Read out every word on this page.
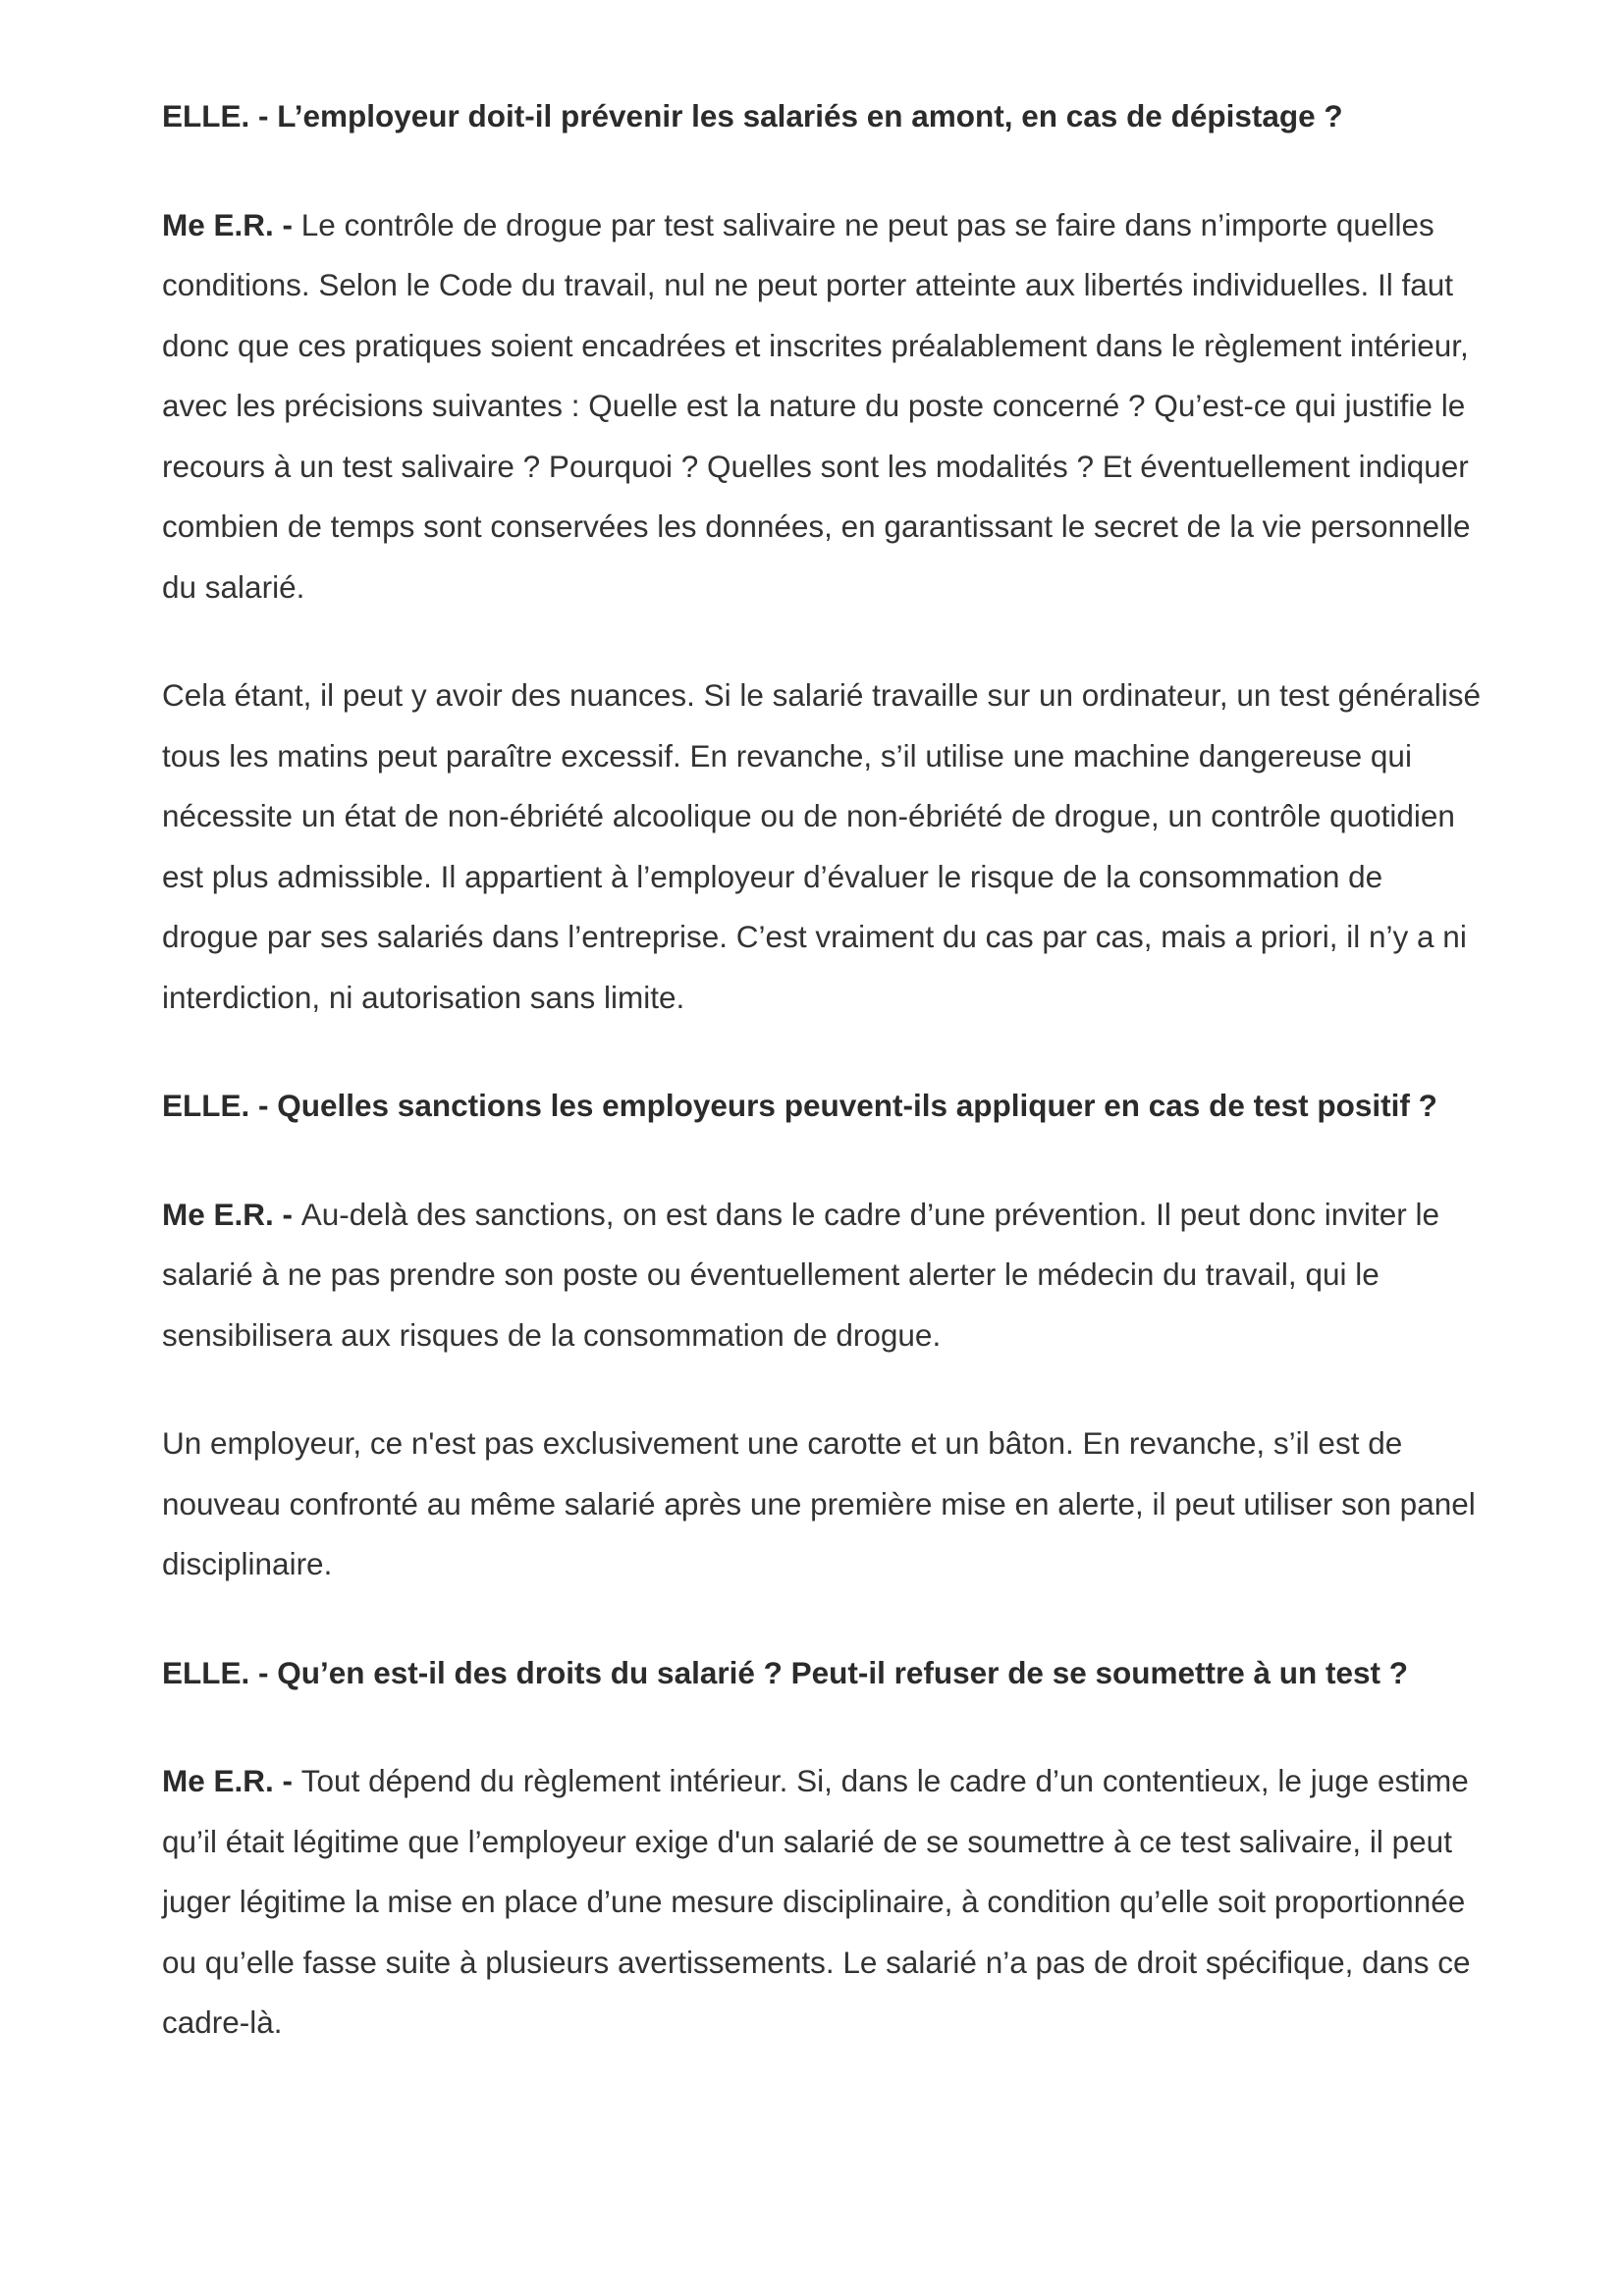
ELLE. - L’employeur doit-il prévenir les salariés en amont, en cas de dépistage ?

Me E.R. - Le contrôle de drogue par test salivaire ne peut pas se faire dans n’importe quelles conditions. Selon le Code du travail, nul ne peut porter atteinte aux libertés individuelles. Il faut donc que ces pratiques soient encadrées et inscrites préalablement dans le règlement intérieur, avec les précisions suivantes : Quelle est la nature du poste concerné ? Qu’est-ce qui justifie le recours à un test salivaire ? Pourquoi ? Quelles sont les modalités ? Et éventuellement indiquer combien de temps sont conservées les données, en garantissant le secret de la vie personnelle du salarié.

Cela étant, il peut y avoir des nuances. Si le salarié travaille sur un ordinateur, un test généralisé tous les matins peut paraître excessif. En revanche, s’il utilise une machine dangereuse qui nécessite un état de non-ébriété alcoolique ou de non-ébriété de drogue, un contrôle quotidien est plus admissible. Il appartient à l’employeur d’évaluer le risque de la consommation de drogue par ses salariés dans l’entreprise. C’est vraiment du cas par cas, mais a priori, il n’y a ni interdiction, ni autorisation sans limite.

ELLE. - Quelles sanctions les employeurs peuvent-ils appliquer en cas de test positif ?

Me E.R. - Au-delà des sanctions, on est dans le cadre d’une prévention. Il peut donc inviter le salarié à ne pas prendre son poste ou éventuellement alerter le médecin du travail, qui le sensibilisera aux risques de la consommation de drogue.

Un employeur, ce n'est pas exclusivement une carotte et un bâton. En revanche, s’il est de nouveau confronté au même salarié après une première mise en alerte, il peut utiliser son panel disciplinaire.

ELLE. - Qu’en est-il des droits du salarié ? Peut-il refuser de se soumettre à un test ?

Me E.R. - Tout dépend du règlement intérieur. Si, dans le cadre d’un contentieux, le juge estime qu’il était légitime que l’employeur exige d'un salarié de se soumettre à ce test salivaire, il peut juger légitime la mise en place d’une mesure disciplinaire, à condition qu’elle soit proportionnée ou qu’elle fasse suite à plusieurs avertissements. Le salarié n’a pas de droit spécifique, dans ce cadre-là.
